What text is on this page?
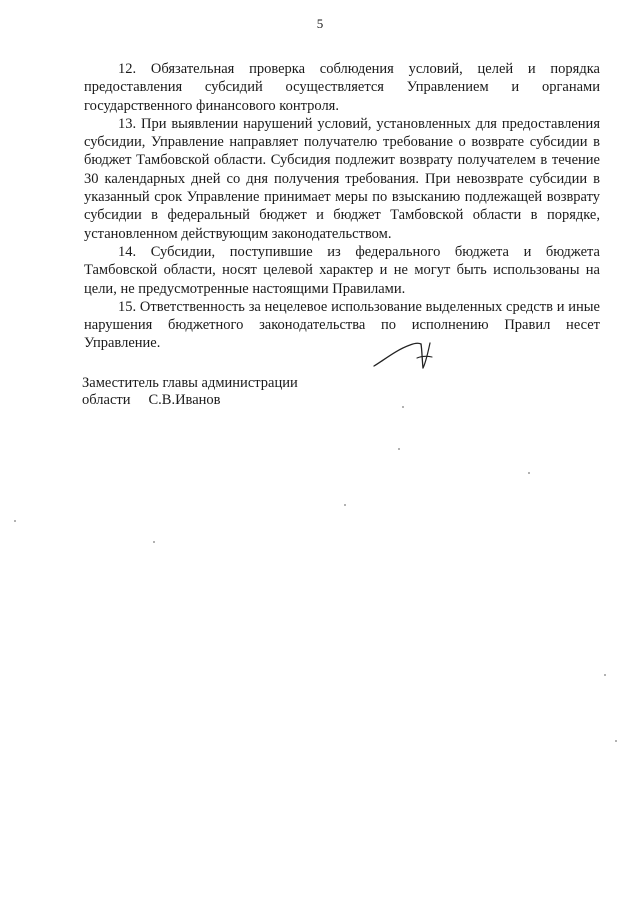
5

12. Обязательная проверка соблюдения условий, целей и порядка предоставления субсидий осуществляется Управлением и органами государственного финансового контроля.

13. При выявлении нарушений условий, установленных для предоставления субсидии, Управление направляет получателю требование о возврате субсидии в бюджет Тамбовской области. Субсидия подлежит возврату получателем в течение 30 календарных дней со дня получения требования. При невозврате субсидии в указанный срок Управление принимает меры по взысканию подлежащей возврату субсидии в федеральный бюджет и бюджет Тамбовской области в порядке, установленном действующим законодательством.

14. Субсидии, поступившие из федерального бюджета и бюджета Тамбовской области, носят целевой характер и не могут быть использованы на цели, не предусмотренные настоящими Правилами.

15. Ответственность за нецелевое использование выделенных средств и иные нарушения бюджетного законодательства по исполнению Правил несет Управление.

Заместитель главы администрации
области С.В.Иванов
